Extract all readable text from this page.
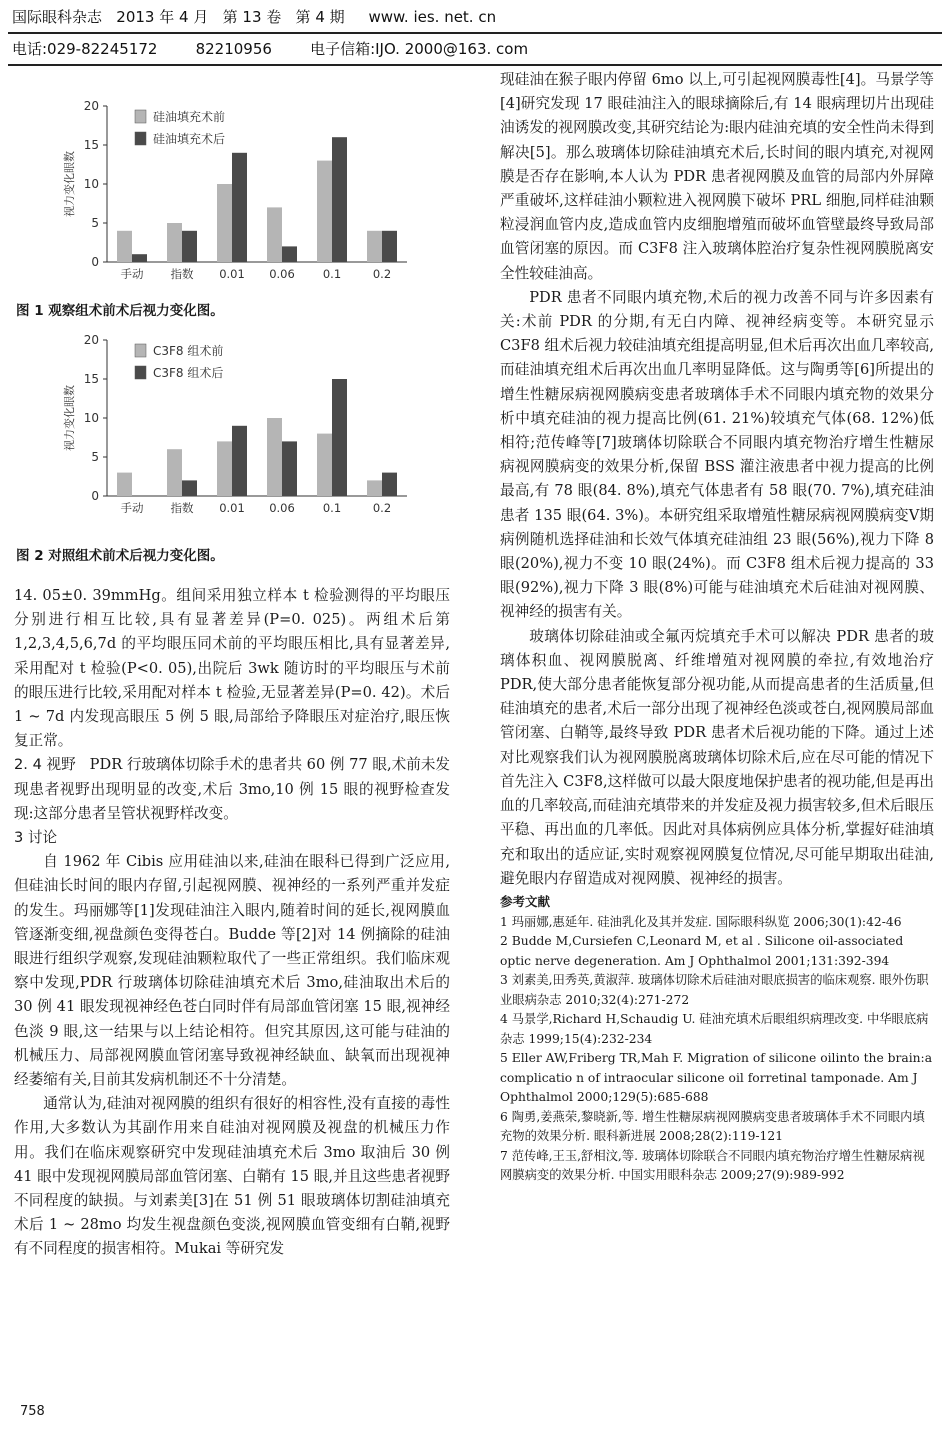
国际眼科杂志   2013 年 4 月   第 13 卷   第 4 期     www. ies. net. cn
电话:029-82245172        82210956        电子信箱:IJO. 2000@163. com
0
5
10
15
20
视力变化眼数
手动 指数 0.01 0.06 0.1	0.2
硅油填充术前
硅油填充术后
图 1 观察组术前术后视力变化图。
0
5
10
15
20
视力变化眼数
手动 指数 0.01 0.06 0.1	0.2
C3F8 组术前
C3F8 组术后
图 2 对照组术前术后视力变化图。

14. 05±0. 39mmHg。组间采用独立样本 t 检验测得的平均眼压分别进行相互比较,具有显著差异(P=0. 025)。两组术后第 1,2,3,4,5,6,7d 的平均眼压同术前的平均眼压相比,具有显著差异,采用配对 t 检验(P<0. 05),出院后 3wk 随访时的平均眼压与术前的眼压进行比较,采用配对样本 t 检验,无显著差异(P=0. 42)。术后 1 ~ 7d 内发现高眼压 5 例 5 眼,局部给予降眼压对症治疗,眼压恢复正常。

2. 4 视野 PDR 行玻璃体切除手术的患者共 60 例 77 眼,术前未发现患者视野出现明显的改变,术后 3mo,10 例 15 眼的视野检查发现:这部分患者呈管状视野样改变。

3 讨论

自 1962 年 Cibis 应用硅油以来,硅油在眼科已得到广泛应用,但硅油长时间的眼内存留,引起视网膜、视神经的一系列严重并发症的发生。玛丽娜等[1]发现硅油注入眼内,随着时间的延长,视网膜血管逐渐变细,视盘颜色变得苍白。Budde 等[2]对 14 例摘除的硅油眼进行组织学观察,发现硅油颗粒取代了一些正常组织。我们临床观察中发现,PDR 行玻璃体切除硅油填充术后 3mo,硅油取出术后的 30 例 41 眼发现视神经色苍白同时伴有局部血管闭塞 15 眼,视神经色淡 9 眼,这一结果与以上结论相符。但究其原因,这可能与硅油的机械压力、局部视网膜血管闭塞导致视神经缺血、缺氧而出现视神经萎缩有关,目前其发病机制还不十分清楚。

通常认为,硅油对视网膜的组织有很好的相容性,没有直接的毒性作用,大多数认为其副作用来自硅油对视网膜及视盘的机械压力作用。我们在临床观察研究中发现硅油填充术后 3mo 取油后 30 例 41 眼中发现视网膜局部血管闭塞、白鞘有 15 眼,并且这些患者视野不同程度的缺损。与刘素美[3]在 51 例 51 眼玻璃体切割硅油填充术后 1 ~ 28mo 均发生视盘颜色变淡,视网膜血管变细有白鞘,视野有不同程度的损害相符。Mukai 等研究发

现硅油在猴子眼内停留 6mo 以上,可引起视网膜毒性[4]。马景学等[4]研究发现 17 眼硅油注入的眼球摘除后,有 14 眼病理切片出现硅油诱发的视网膜改变,其研究结论为:眼内硅油充填的安全性尚未得到解决[5]。那么玻璃体切除硅油填充术后,长时间的眼内填充,对视网膜是否存在影响,本人认为 PDR 患者视网膜及血管的局部内外屏障严重破坏,这样硅油小颗粒进入视网膜下破坏 PRL 细胞,同样硅油颗粒浸润血管内皮,造成血管内皮细胞增殖而破坏血管壁最终导致局部血管闭塞的原因。而 C3F8 注入玻璃体腔治疗复杂性视网膜脱离安全性较硅油高。

PDR 患者不同眼内填充物,术后的视力改善不同与许多因素有关:术前 PDR 的分期,有无白内障、视神经病变等。本研究显示 C3F8 组术后视力较硅油填充组提高明显,但术后再次出血几率较高,而硅油填充组术后再次出血几率明显降低。这与陶勇等[6]所提出的增生性糖尿病视网膜病变患者玻璃体手术不同眼内填充物的效果分析中填充硅油的视力提高比例(61. 21%)较填充气体(68. 12%)低相符;范传峰等[7]玻璃体切除联合不同眼内填充物治疗增生性糖尿病视网膜病变的效果分析,保留 BSS 灌注液患者中视力提高的比例最高,有 78 眼(84. 8%),填充气体患者有 58 眼(70. 7%),填充硅油患者 135 眼(64. 3%)。本研究组采取增殖性糖尿病视网膜病变Ⅴ期病例随机选择硅油和长效气体填充硅油组 23 眼(56%),视力下降 8 眼(20%),视力不变 10 眼(24%)。而 C3F8 组术后视力提高的 33 眼(92%),视力下降 3 眼(8%)可能与硅油填充术后硅油对视网膜、视神经的损害有关。

玻璃体切除硅油或全氟丙烷填充手术可以解决 PDR 患者的玻璃体积血、视网膜脱离、纤维增殖对视网膜的牵拉,有效地治疗 PDR,使大部分患者能恢复部分视功能,从而提高患者的生活质量,但硅油填充的患者,术后一部分出现了视神经色淡或苍白,视网膜局部血管闭塞、白鞘等,最终导致 PDR 患者术后视功能的下降。通过上述对比观察我们认为视网膜脱离玻璃体切除术后,应在尽可能的情况下首先注入 C3F8,这样做可以最大限度地保护患者的视功能,但是再出血的几率较高,而硅油充填带来的并发症及视力损害较多,但术后眼压平稳、再出血的几率低。因此对具体病例应具体分析,掌握好硅油填充和取出的适应证,实时观察视网膜复位情况,尽可能早期取出硅油,避免眼内存留造成对视网膜、视神经的损害。

参考文献

1 玛丽娜,惠延年. 硅油乳化及其并发症. 国际眼科纵览 2006;30(1):42-46

2 Budde M,Cursiefen C,Leonard M, et al . Silicone oil-associated optic nerve degeneration. Am J Ophthalmol 2001;131:392-394

3 刘素美,田秀英,黄淑萍. 玻璃体切除术后硅油对眼底损害的临床观察. 眼外伤职业眼病杂志 2010;32(4):271-272

4 马景学,Richard H,Schaudig U. 硅油充填术后眼组织病理改变. 中华眼底病杂志 1999;15(4):232-234

5 Eller AW,Friberg TR,Mah F. Migration of silicone oilinto the brain:a complicatio n of intraocular silicone oil forretinal tamponade. Am J Ophthalmol 2000;129(5):685-688

6 陶勇,姜燕荣,黎晓新,等. 增生性糖尿病视网膜病变患者玻璃体手术不同眼内填充物的效果分析. 眼科新进展 2008;28(2):119-121

7 范传峰,王玉,舒相汶,等. 玻璃体切除联合不同眼内填充物治疗增生性糖尿病视网膜病变的效果分析. 中国实用眼科杂志 2009;27(9):989-992

758
